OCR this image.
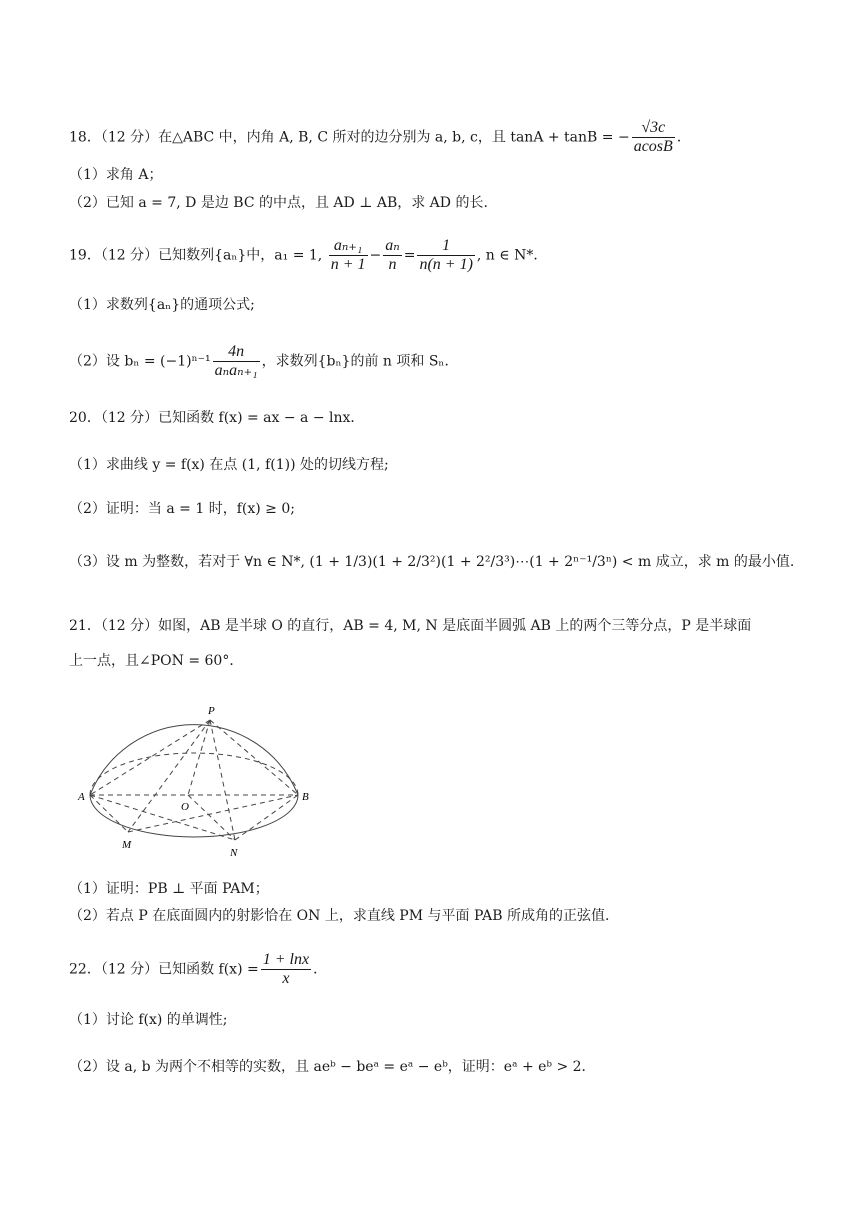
18．（12 分）在△ABC 中，内角 A, B, C 所对的边分别为 a, b, c，且 tanA + tanB = − $\frac{√3c}{acosB}$ ．
（1）求角 A；
（2）已知 a = 7, D 是边 BC 的中点，且 AD ⊥ AB，求 AD 的长.
19．（12 分）已知数列{aₙ}中，a₁ = 1, $\frac{\text{aₙ₊₁}}{n + 1} - \frac{\text{aₙ}}{n} = \frac{1}{n(n + 1)}$ , n ∈ N*．
（1）求数列{aₙ}的通项公式;
（2）设 $b_n = (-1)^{n-1} \frac{4n}{\text{aₙaₙ₊₁}}$ ，求数列{bₙ}的前 n 项和 Sₙ．
20．（12 分）已知函数 f(x) = ax − a − lnx．
（1）求曲线 y = f(x) 在点 (1, f(1)) 处的切线方程;
（2）证明：当 a = 1 时，f(x) ≥ 0;
（3）设 m 为整数，若对于 ∀n ∈ N*, (1 + 1/3)(1 + 2/3²)(1 + 2²/3³)⋯(1 + 2ⁿ⁻¹/3ⁿ) < m 成立，求 m 的最小值.
21．（12 分）如图，AB 是半球 O 的直行，AB = 4, M, N 是底面半圆弧 AB 上的两个三等分点，P 是半球面
上一点，且∠PON = 60°．
P
A	B
O
M
N
（1）证明：PB ⊥ 平面 PAM；
（2）若点 P 在底面圆内的射影恰在 ON 上，求直线 PM 与平面 PAB 所成角的正弦值.
22．（12 分）已知函数 $f(x) = \frac{1 + \ln x}{x}$ ．
（1）讨论 f(x) 的单调性;
（2）设 a, b 为两个不相等的实数，且 aeᵇ − beᵃ = eᵃ − eᵇ，证明：eᵃ + eᵇ > 2．
